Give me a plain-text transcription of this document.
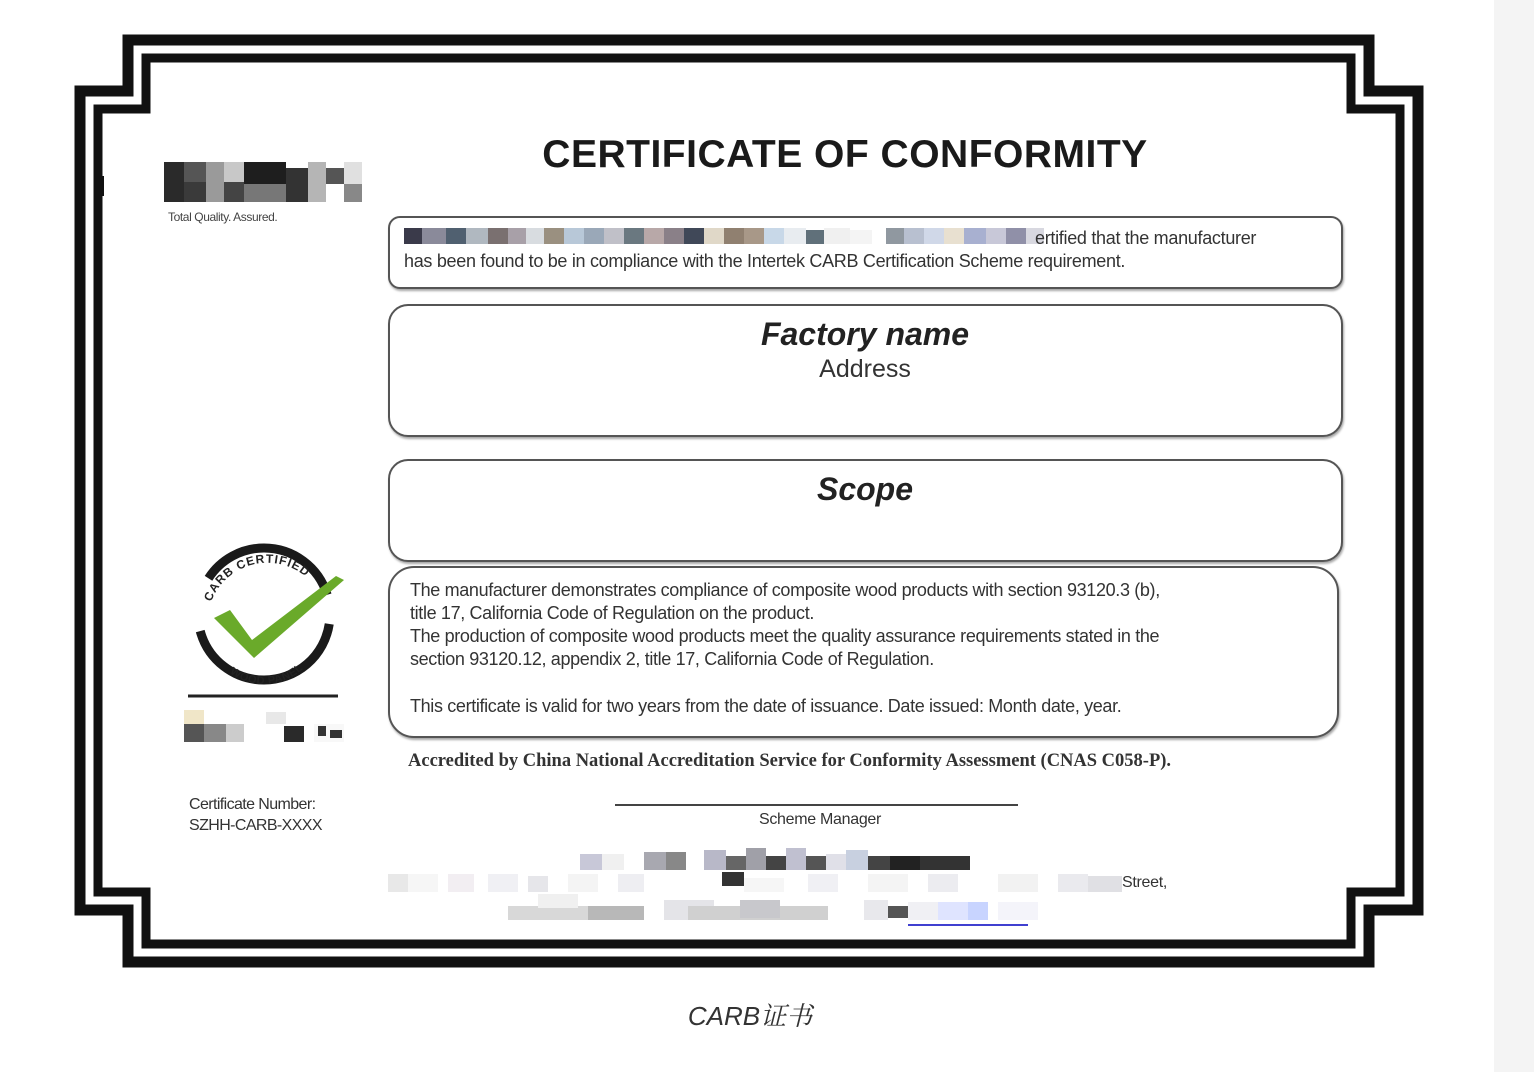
Total Quality. Assured.
CERTIFICATE OF CONFORMITY
ertified that the manufacturer
has been found to be in compliance with the Intertek CARB Certification Scheme requirement.
Factory name
Address
Scope
The manufacturer demonstrates compliance of composite wood products with section 93120.3 (b),
title 17, California Code of Regulation on the product.
The production of composite wood products meet the quality assurance requirements stated in the
section 93120.12, appendix 2, title 17, California Code of Regulation.
This certificate is valid for two years from the date of issuance. Date issued: Month date, year.
Accredited by China National Accreditation Service for Conformity Assessment (CNAS C058-P).
Scheme Manager
CARB CERTIFIED
WOOD PANEL
Certificate Number:
SZHH-CARB-XXXX
Street,
CARB证书
